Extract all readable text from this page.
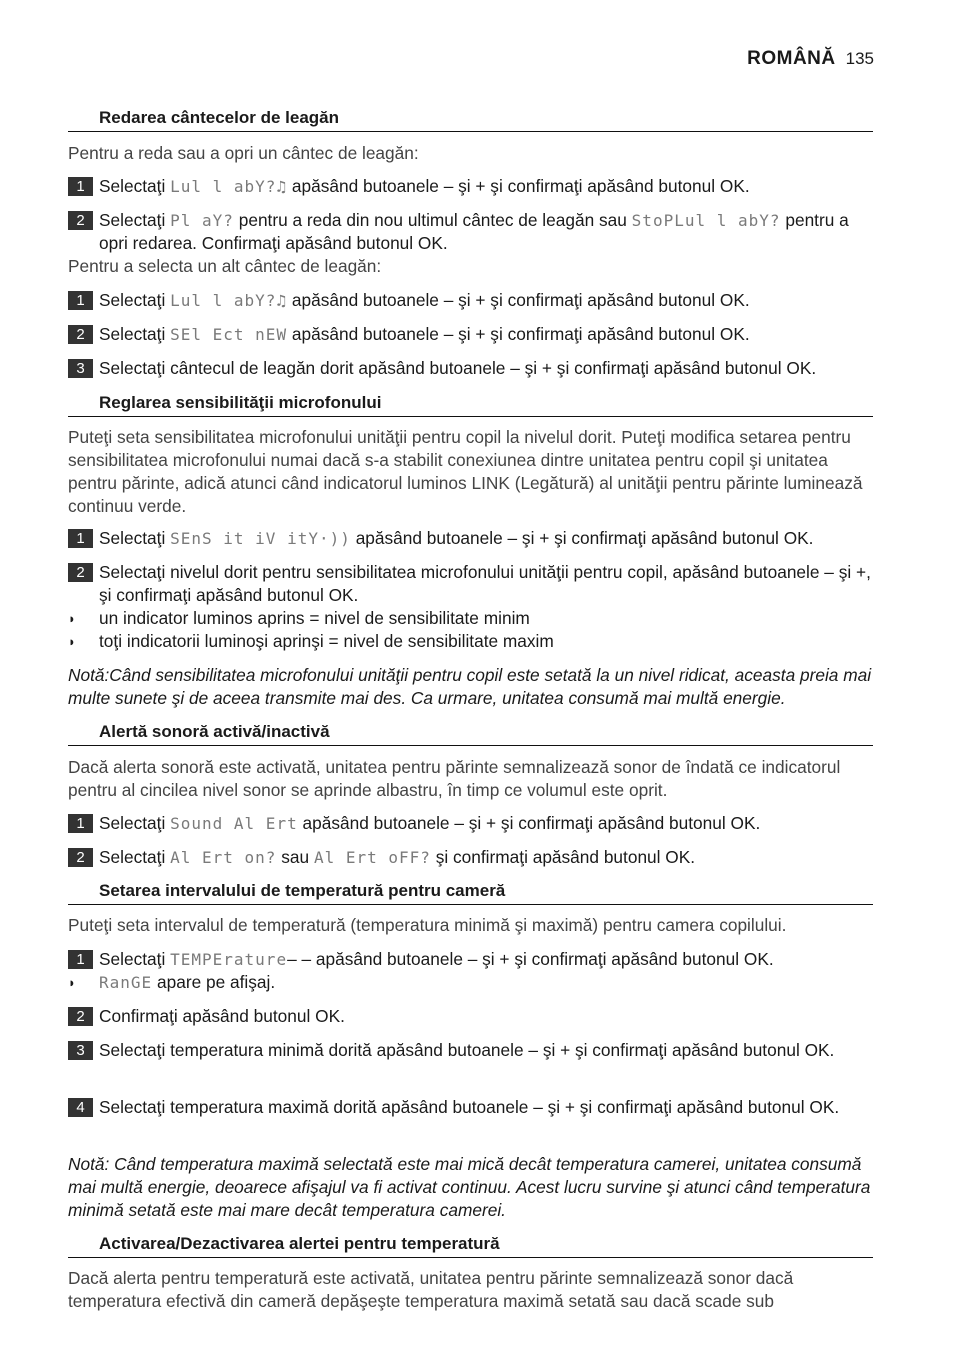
ROMÂNĂ 135
Redarea cântecelor de leagăn

Pentru a reda sau a opri un cântec de leagăn:

1 Selectaţi Lul l abY?♫ apăsând butoanele – şi + şi confirmaţi apăsând butonul OK.
2 Selectaţi Pl aY? pentru a reda din nou ultimul cântec de leagăn sau StoPLul l abY? pentru a opri redarea. Confirmaţi apăsând butonul OK.

Pentru a selecta un alt cântec de leagăn:

1 Selectaţi Lul l abY?♫ apăsând butoanele – şi + şi confirmaţi apăsând butonul OK.
2 Selectaţi SEl Ect nEW apăsând butoanele – şi + şi confirmaţi apăsând butonul OK.
3 Selectaţi cântecul de leagăn dorit apăsând butoanele – şi + şi confirmaţi apăsând butonul OK.
Reglarea sensibilităţii microfonului

Puteţi seta sensibilitatea microfonului unităţii pentru copil la nivelul dorit. Puteţi modifica setarea pentru sensibilitatea microfonului numai dacă s-a stabilit conexiunea dintre unitatea pentru copil şi unitatea pentru părinte, adică atunci când indicatorul luminos LINK (Legătură) al unităţii pentru părinte luminează continuu verde.

1 Selectaţi SEnS it iV itY·)) apăsând butoanele – şi + şi confirmaţi apăsând butonul OK.
2 Selectaţi nivelul dorit pentru sensibilitatea microfonului unităţii pentru copil, apăsând butoanele – şi +, şi confirmaţi apăsând butonul OK.
◗ un indicator luminos aprins = nivel de sensibilitate minim
◗ toţi indicatorii luminoşi aprinşi = nivel de sensibilitate maxim

Notă:Când sensibilitatea microfonului unităţii pentru copil este setată la un nivel ridicat, aceasta preia mai multe sunete şi de aceea transmite mai des. Ca urmare, unitatea consumă mai multă energie.

Alertă sonoră activă/inactivă

Dacă alerta sonoră este activată, unitatea pentru părinte semnalizează sonor de îndată ce indicatorul pentru al cincilea nivel sonor se aprinde albastru, în timp ce volumul este oprit.

1 Selectaţi Sound Al Ert apăsând butoanele – şi + şi confirmaţi apăsând butonul OK.
2 Selectaţi Al Ert on? sau Al Ert oFF? şi confirmaţi apăsând butonul OK.
Setarea intervalului de temperatură pentru cameră

Puteţi seta intervalul de temperatură (temperatura minimă şi maximă) pentru camera copilului.

1 Selectaţi TEMPErature– – apăsând butoanele – şi + şi confirmaţi apăsând butonul OK.
◗ RanGE apare pe afişaj.
2 Confirmaţi apăsând butonul OK.
3 Selectaţi temperatura minimă dorită apăsând butoanele – şi + şi confirmaţi apăsând butonul OK.
4 Selectaţi temperatura maximă dorită apăsând butoanele – şi + şi confirmaţi apăsând butonul OK.

Notă: Când temperatura maximă selectată este mai mică decât temperatura camerei, unitatea consumă mai multă energie, deoarece afişajul va fi activat continuu. Acest lucru survine şi atunci când temperatura minimă setată este mai mare decât temperatura camerei.

Activarea/Dezactivarea alertei pentru temperatură

Dacă alerta pentru temperatură este activată, unitatea pentru părinte semnalizează sonor dacă temperatura efectivă din cameră depăşeşte temperatura maximă setată sau dacă scade sub
